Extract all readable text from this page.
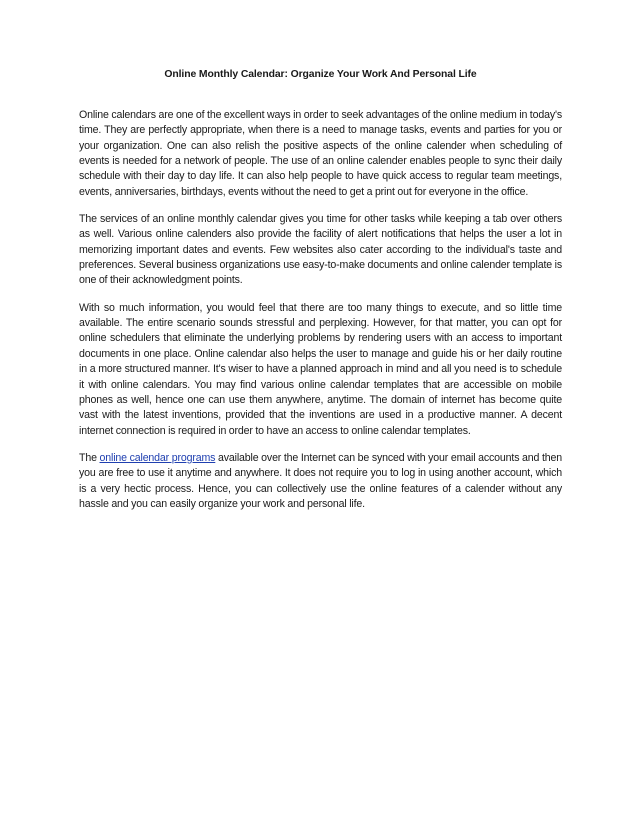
Online Monthly Calendar: Organize Your Work And Personal Life

Online calendars are one of the excellent ways in order to seek advantages of the online medium in today's time. They are perfectly appropriate, when there is a need to manage tasks, events and parties for you or your organization. One can also relish the positive aspects of the online calender when scheduling of events is needed for a network of people. The use of an online calender enables people to sync their daily schedule with their day to day life. It can also help people to have quick access to regular team meetings, events, anniversaries, birthdays, events without the need to get a print out for everyone in the office.

The services of an online monthly calendar gives you time for other tasks while keeping a tab over others as well. Various online calenders also provide the facility of alert notifications that helps the user a lot in memorizing important dates and events. Few websites also cater according to the individual's taste and preferences. Several business organizations use easy-to-make documents and online calender template is one of their acknowledgment points.

With so much information, you would feel that there are too many things to execute, and so little time available. The entire scenario sounds stressful and perplexing. However, for that matter, you can opt for online schedulers that eliminate the underlying problems by rendering users with an access to important documents in one place. Online calendar also helps the user to manage and guide his or her daily routine in a more structured manner. It's wiser to have a planned approach in mind and all you need is to schedule it with online calendars. You may find various online calendar templates that are accessible on mobile phones as well, hence one can use them anywhere, anytime. The domain of internet has become quite vast with the latest inventions, provided that the inventions are used in a productive manner. A decent internet connection is required in order to have an access to online calendar templates.

The online calendar programs available over the Internet can be synced with your email accounts and then you are free to use it anytime and anywhere. It does not require you to log in using another account, which is a very hectic process. Hence, you can collectively use the online features of a calender without any hassle and you can easily organize your work and personal life.
